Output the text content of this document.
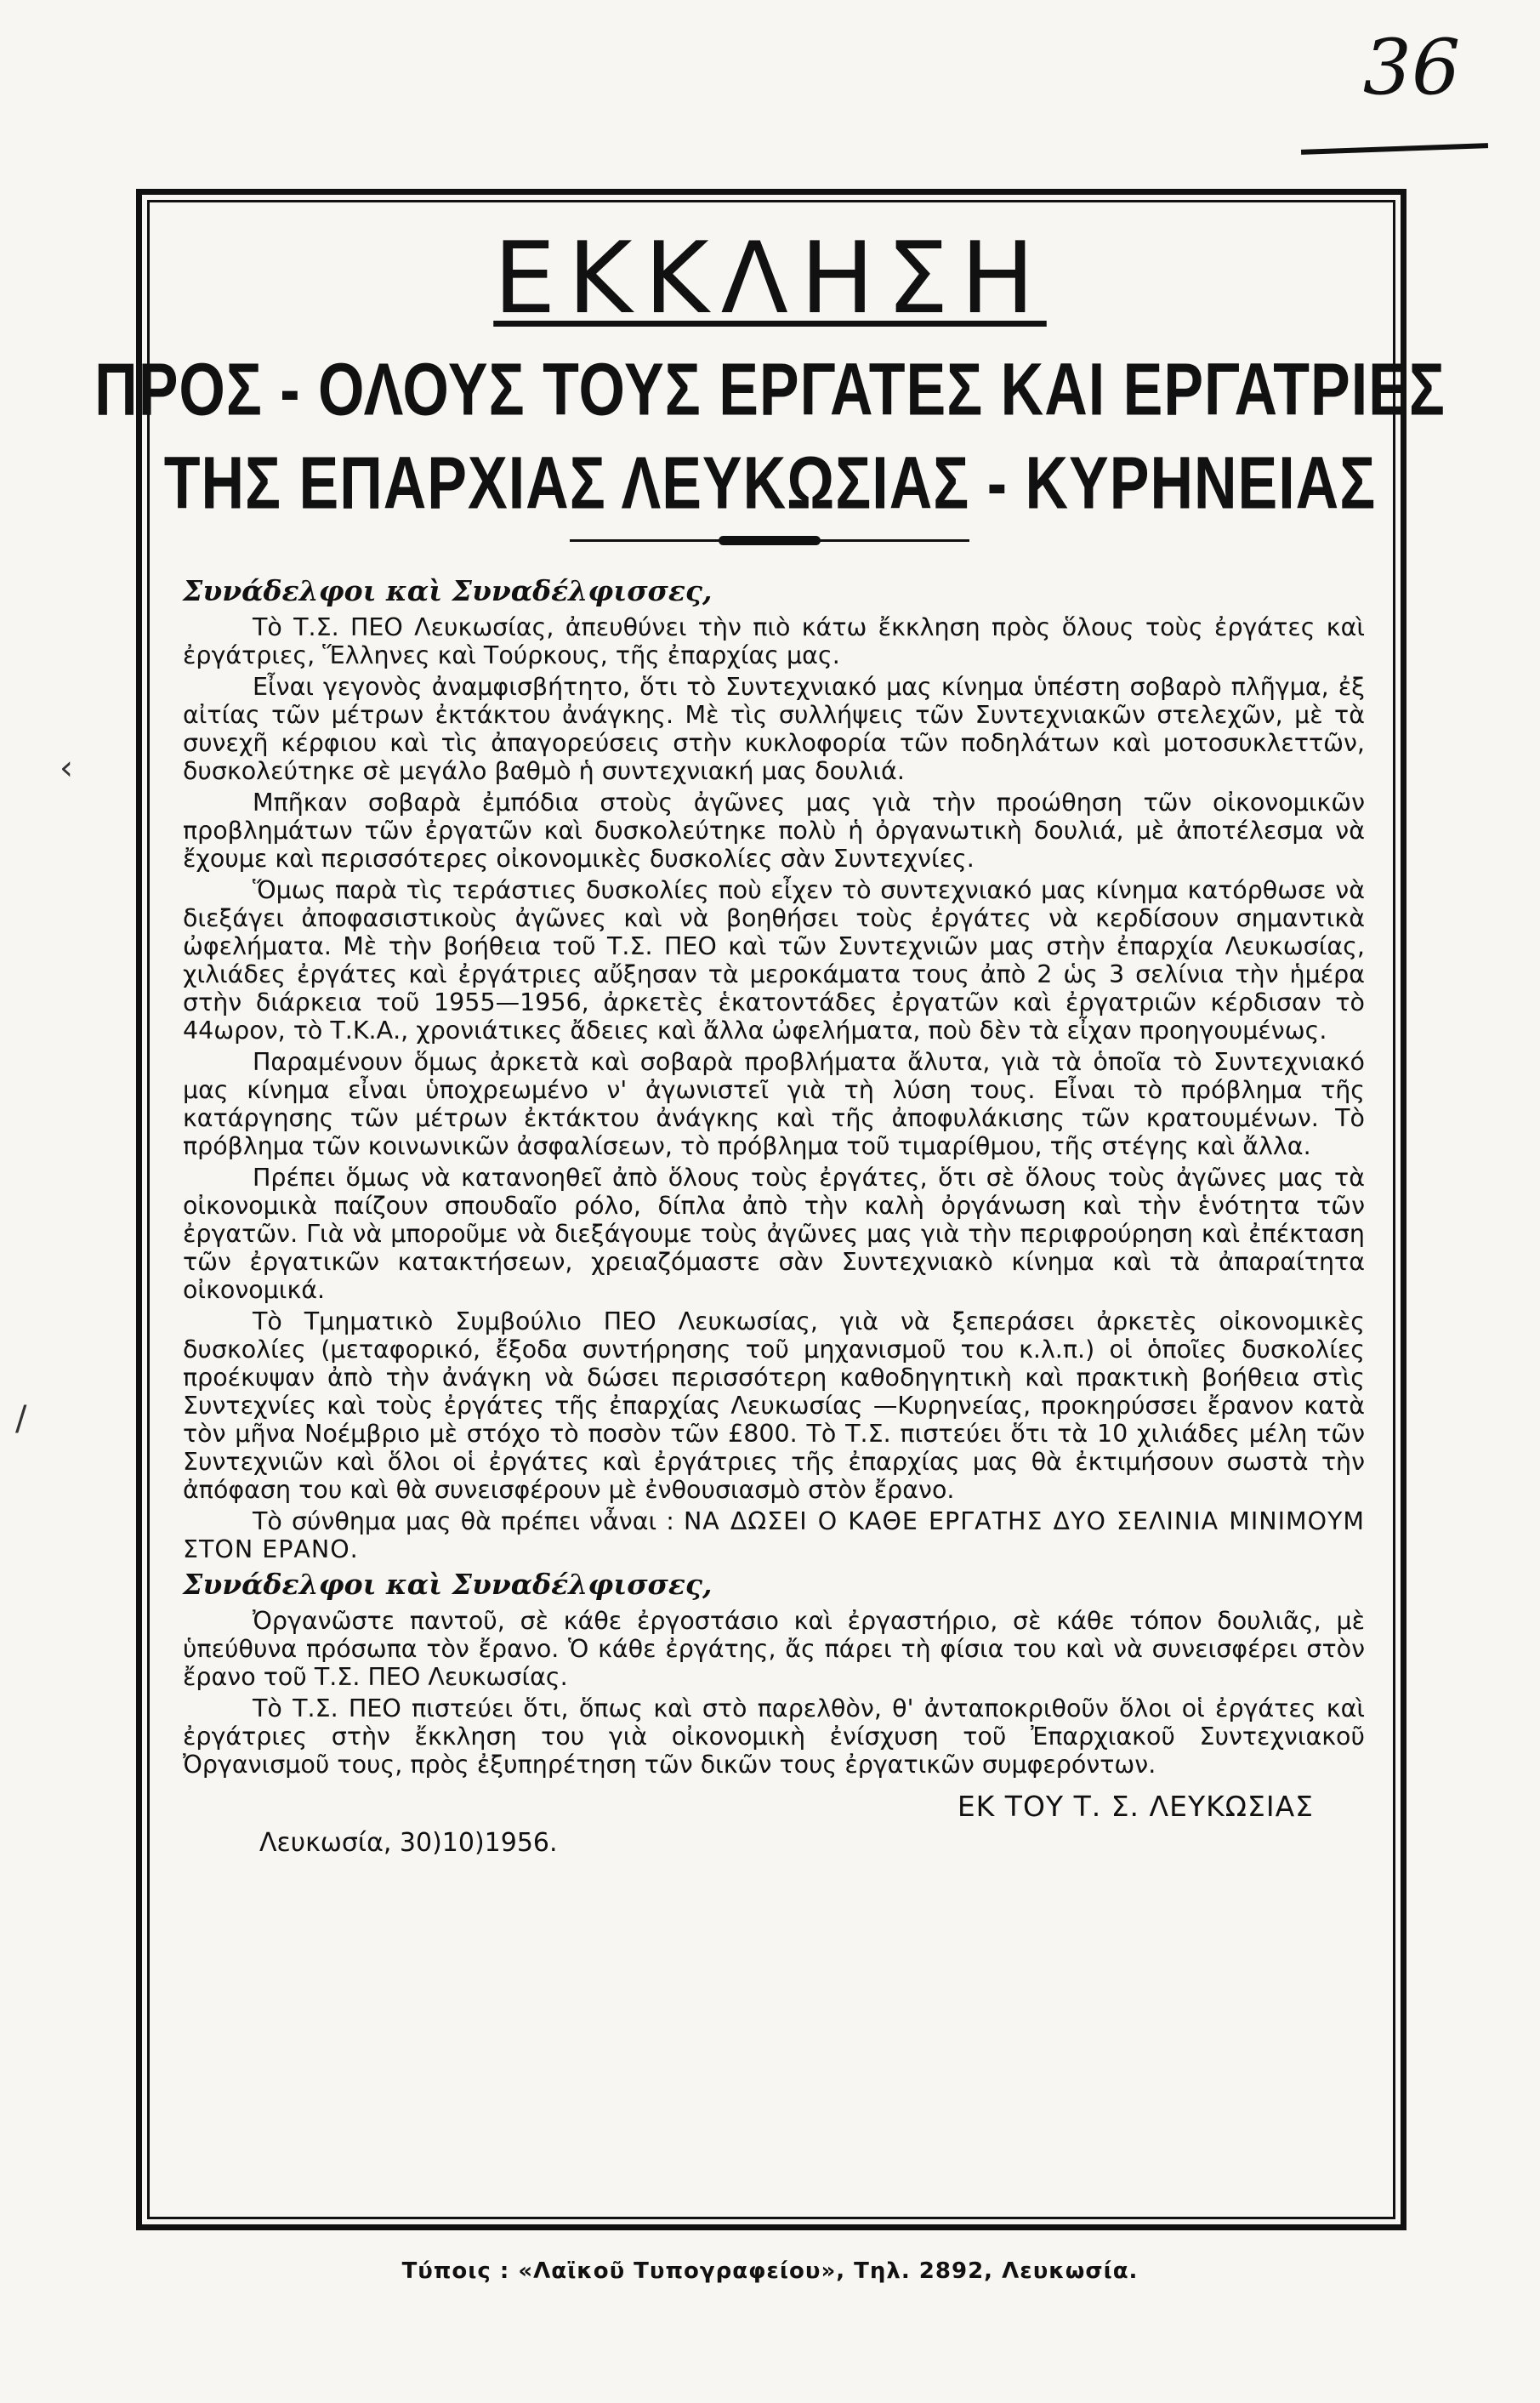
36
ΕΚΚΛΗΣΗ
ΠΡΟΣ - ΟΛΟΥΣ ΤΟΥΣ ΕΡΓΑΤΕΣ ΚΑΙ ΕΡΓΑΤΡΙΕΣ
ΤΗΣ ΕΠΑΡΧΙΑΣ ΛΕΥΚΩΣΙΑΣ - ΚΥΡΗΝΕΙΑΣ
Συνάδελφοι καὶ Συναδέλφισσες,

Τὸ Τ.Σ. ΠΕΟ Λευκωσίας, ἀπευθύνει τὴν πιὸ κάτω ἔκκληση πρὸς ὅλους τοὺς ἐργάτες καὶ ἐργάτριες, Ἕλληνες καὶ Τούρκους, τῆς ἐπαρχίας μας.

Εἶναι γεγονὸς ἀναμφισβήτητο, ὅτι τὸ Συντεχνιακό μας κίνημα ὑπέστη σοβαρὸ πλῆγμα, ἐξ αἰτίας τῶν μέτρων ἐκτάκτου ἀνάγκης. Μὲ τὶς συλλήψεις τῶν Συντεχνιακῶν στελεχῶν, μὲ τὰ συνεχῆ κέρφιου καὶ τὶς ἀπαγορεύσεις στὴν κυκλοφορία τῶν ποδηλάτων καὶ μοτοσυκλεττῶν, δυσκολεύτηκε σὲ μεγάλο βαθμὸ ἡ συντεχνιακή μας δουλιά.

Μπῆκαν σοβαρὰ ἐμπόδια στοὺς ἀγῶνες μας γιὰ τὴν προώθηση τῶν οἰκονομικῶν προβλημάτων τῶν ἐργατῶν καὶ δυσκολεύτηκε πολὺ ἡ ὀργανωτικὴ δουλιά, μὲ ἀποτέλεσμα νὰ ἔχουμε καὶ περισσότερες οἰκονομικὲς δυσκολίες σὰν Συντεχνίες.

Ὅμως παρὰ τὶς τεράστιες δυσκολίες ποὺ εἶχεν τὸ συντεχνιακό μας κίνημα κατόρθωσε νὰ διεξάγει ἀποφασιστικοὺς ἀγῶνες καὶ νὰ βοηθήσει τοὺς ἐργάτες νὰ κερδίσουν σημαντικὰ ὠφελήματα. Μὲ τὴν βοήθεια τοῦ Τ.Σ. ΠΕΟ καὶ τῶν Συντεχνιῶν μας στὴν ἐπαρχία Λευκωσίας, χιλιάδες ἐργάτες καὶ ἐργάτριες αὔξησαν τὰ μεροκάματα τους ἀπὸ 2 ὡς 3 σελίνια τὴν ἡμέρα στὴν διάρκεια τοῦ 1955—1956, ἀρκετὲς ἑκατοντάδες ἐργατῶν καὶ ἐργατριῶν κέρδισαν τὸ 44ωρον, τὸ Τ.Κ.Α., χρονιάτικες ἄδειες καὶ ἄλλα ὠφελήματα, ποὺ δὲν τὰ εἶχαν προηγουμένως.

Παραμένουν ὅμως ἀρκετὰ καὶ σοβαρὰ προβλήματα ἄλυτα, γιὰ τὰ ὁποῖα τὸ Συντεχνιακό μας κίνημα εἶναι ὑποχρεωμένο ν' ἀγωνιστεῖ γιὰ τὴ λύση τους. Εἶναι τὸ πρόβλημα τῆς κατάργησης τῶν μέτρων ἐκτάκτου ἀνάγκης καὶ τῆς ἀποφυλάκισης τῶν κρατουμένων. Τὸ πρόβλημα τῶν κοινωνικῶν ἀσφαλίσεων, τὸ πρόβλημα τοῦ τιμαρίθμου, τῆς στέγης καὶ ἄλλα.

Πρέπει ὅμως νὰ κατανοηθεῖ ἀπὸ ὅλους τοὺς ἐργάτες, ὅτι σὲ ὅλους τοὺς ἀγῶνες μας τὰ οἰκονομικὰ παίζουν σπουδαῖο ρόλο, δίπλα ἀπὸ τὴν καλὴ ὀργάνωση καὶ τὴν ἑνότητα τῶν ἐργατῶν. Γιὰ νὰ μποροῦμε νὰ διεξάγουμε τοὺς ἀγῶνες μας γιὰ τὴν περιφρούρηση καὶ ἐπέκταση τῶν ἐργατικῶν κατακτήσεων, χρειαζόμαστε σὰν Συντεχνιακὸ κίνημα καὶ τὰ ἀπαραίτητα οἰκονομικά.

Τὸ Τμηματικὸ Συμβούλιο ΠΕΟ Λευκωσίας, γιὰ νὰ ξεπεράσει ἀρκετὲς οἰκονομικὲς δυσκολίες (μεταφορικό, ἔξοδα συντήρησης τοῦ μηχανισμοῦ του κ.λ.π.) οἱ ὁποῖες δυσκολίες προέκυψαν ἀπὸ τὴν ἀνάγκη νὰ δώσει περισσότερη καθοδηγητικὴ καὶ πρακτικὴ βοήθεια στὶς Συντεχνίες καὶ τοὺς ἐργάτες τῆς ἐπαρχίας Λευκωσίας —Κυρηνείας, προκηρύσσει ἔρανον κατὰ τὸν μῆνα Νοέμβριο μὲ στόχο τὸ ποσὸν τῶν £800. Τὸ Τ.Σ. πιστεύει ὅτι τὰ 10 χιλιάδες μέλη τῶν Συντεχνιῶν καὶ ὅλοι οἱ ἐργάτες καὶ ἐργάτριες τῆς ἐπαρχίας μας θὰ ἐκτιμήσουν σωστὰ τὴν ἀπόφαση του καὶ θὰ συνεισφέρουν μὲ ἐνθουσιασμὸ στὸν ἔρανο.

Τὸ σύνθημα μας θὰ πρέπει νἆναι : ΝΑ ΔΩΣΕΙ Ο ΚΑΘΕ ΕΡΓΑΤΗΣ ΔΥΟ ΣΕΛΙΝΙΑ ΜΙΝΙΜΟΥΜ ΣΤΟΝ ΕΡΑΝΟ.

Συνάδελφοι καὶ Συναδέλφισσες,

Ὀργανῶστε παντοῦ, σὲ κάθε ἐργοστάσιο καὶ ἐργαστήριο, σὲ κάθε τόπον δουλιᾶς, μὲ ὑπεύθυνα πρόσωπα τὸν ἔρανο. Ὁ κάθε ἐργάτης, ἄς πάρει τὴ φίσια του καὶ νὰ συνεισφέρει στὸν ἔρανο τοῦ Τ.Σ. ΠΕΟ Λευκωσίας.

Τὸ Τ.Σ. ΠΕΟ πιστεύει ὅτι, ὅπως καὶ στὸ παρελθὸν, θ' ἀνταποκριθοῦν ὅλοι οἱ ἐργάτες καὶ ἐργάτριες στὴν ἔκκληση του γιὰ οἰκονομικὴ ἐνίσχυση τοῦ Ἐπαρχιακοῦ Συντεχνιακοῦ Ὀργανισμοῦ τους, πρὸς ἐξυπηρέτηση τῶν δικῶν τους ἐργατικῶν συμφερόντων.

ΕΚ ΤΟΥ Τ. Σ. ΛΕΥΚΩΣΙΑΣ
Λευκωσία, 30)10)1956.
Τύποις : «Λαϊκοῦ Τυπογραφείου», Τηλ. 2892, Λευκωσία.
‹
/
